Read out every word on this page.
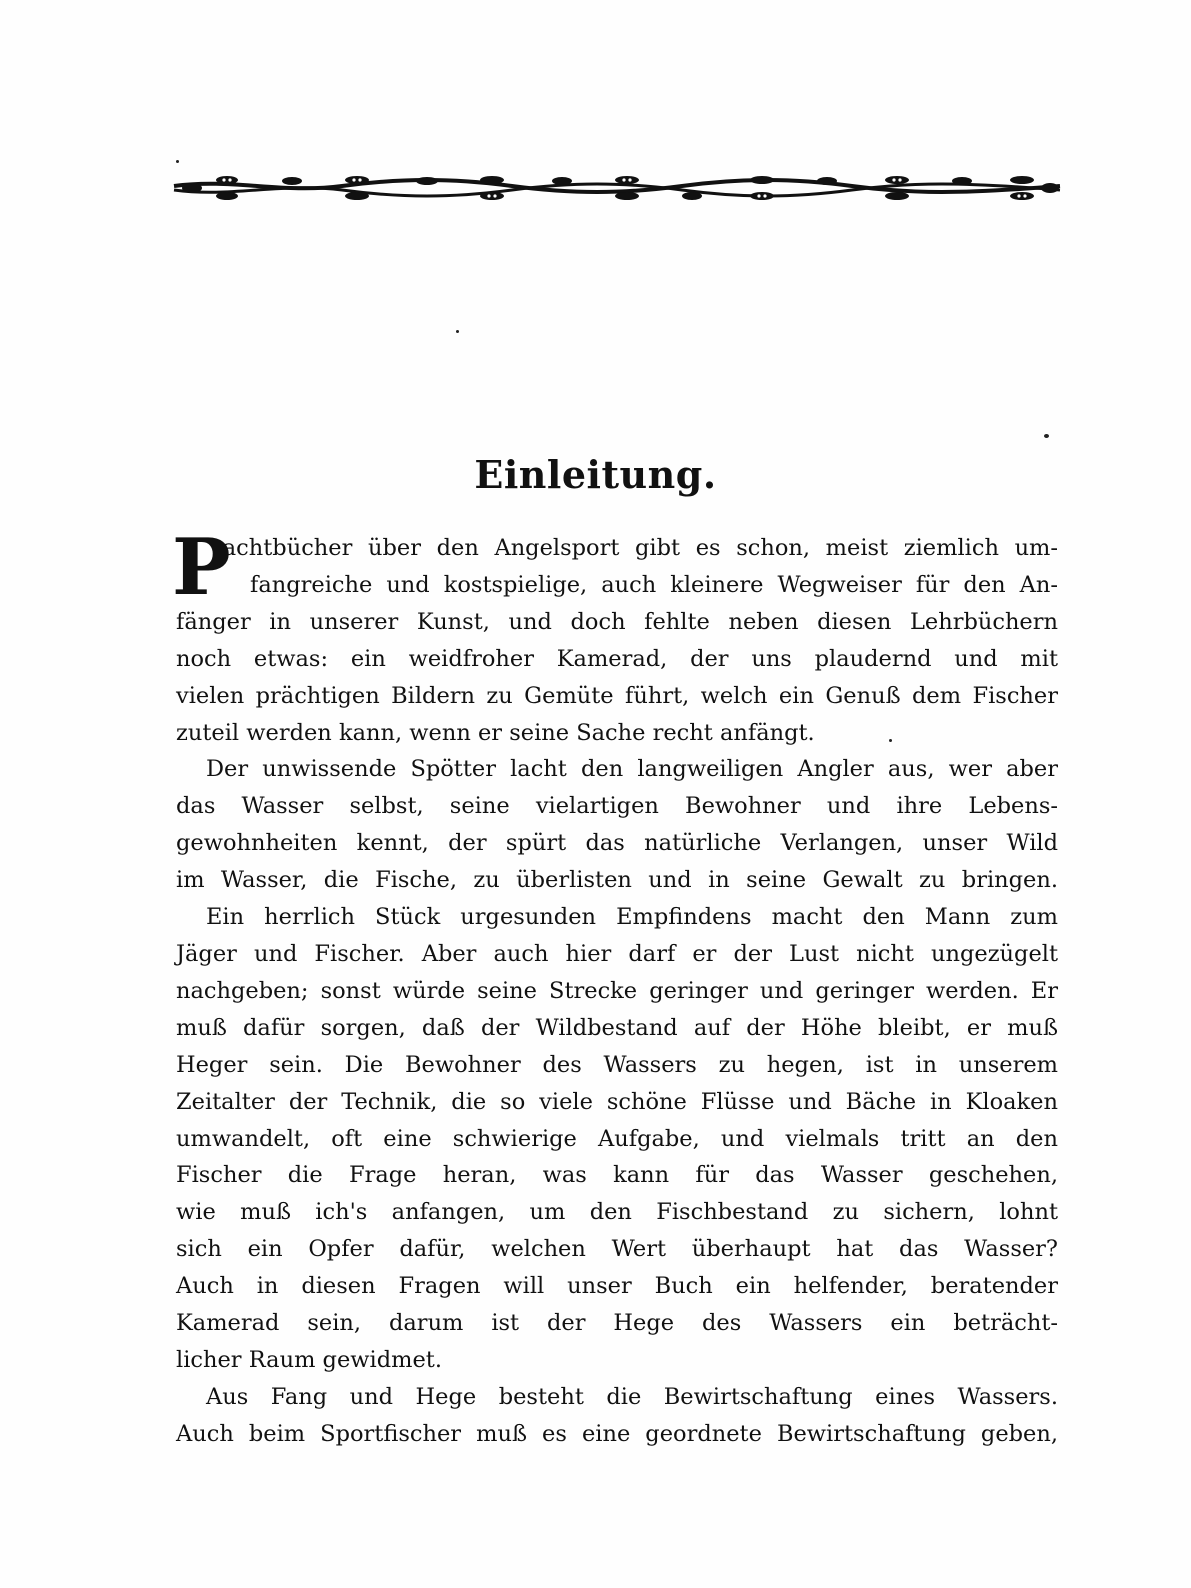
Einleitung.

P
rachtbücher über den Angelsport gibt es schon, meist ziemlich um-
fangreiche und kostspielige, auch kleinere Wegweiser für den An-
fänger in unserer Kunst, und doch fehlte neben diesen Lehrbüchern
noch etwas: ein weidfroher Kamerad, der uns plaudernd und mit
vielen prächtigen Bildern zu Gemüte führt, welch ein Genuß dem Fischer
zuteil werden kann, wenn er seine Sache recht anfängt.

Der unwissende Spötter lacht den langweiligen Angler aus, wer aber
das Wasser selbst, seine vielartigen Bewohner und ihre Lebens-
gewohnheiten kennt, der spürt das natürliche Verlangen, unser Wild
im Wasser, die Fische, zu überlisten und in seine Gewalt zu bringen.

Ein herrlich Stück urgesunden Empfindens macht den Mann zum
Jäger und Fischer. Aber auch hier darf er der Lust nicht ungezügelt
nachgeben; sonst würde seine Strecke geringer und geringer werden. Er
muß dafür sorgen, daß der Wildbestand auf der Höhe bleibt, er muß
Heger sein. Die Bewohner des Wassers zu hegen, ist in unserem
Zeitalter der Technik, die so viele schöne Flüsse und Bäche in Kloaken
umwandelt, oft eine schwierige Aufgabe, und vielmals tritt an den
Fischer die Frage heran, was kann für das Wasser geschehen,
wie muß ich's anfangen, um den Fischbestand zu sichern, lohnt
sich ein Opfer dafür, welchen Wert überhaupt hat das Wasser?
Auch in diesen Fragen will unser Buch ein helfender, beratender
Kamerad sein, darum ist der Hege des Wassers ein beträcht-
licher Raum gewidmet.

Aus Fang und Hege besteht die Bewirtschaftung eines Wassers.
Auch beim Sportfischer muß es eine geordnete Bewirtschaftung geben,
